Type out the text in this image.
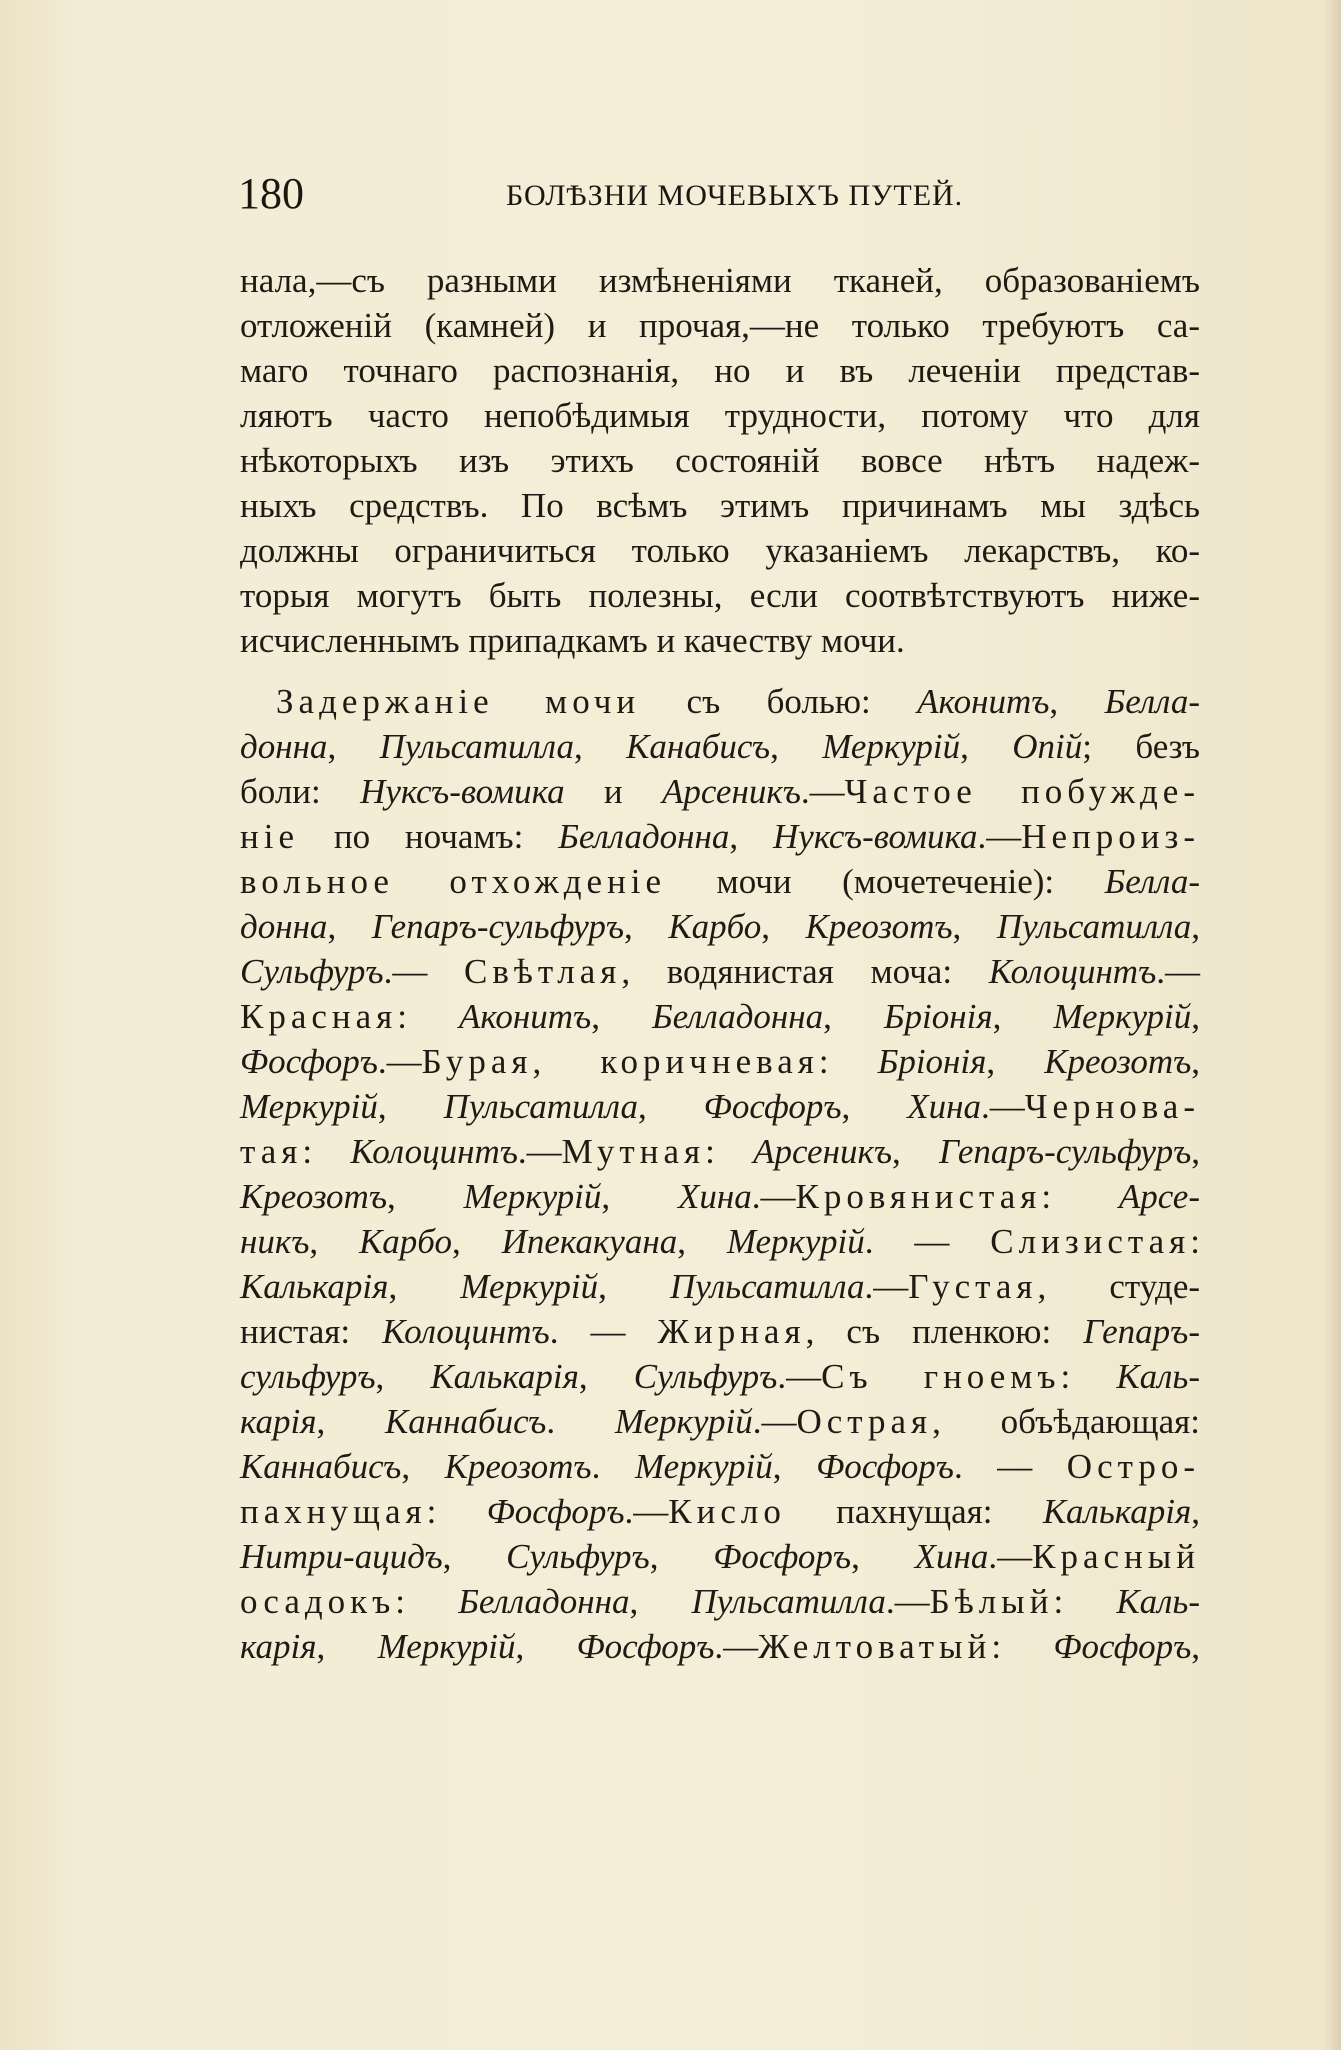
180	БОЛѢЗНИ МОЧЕВЫХЪ ПУТЕЙ.
нала,—съ разными измѣненіями тканей, образованіемъ
отложеній (камней) и прочая,—не только требуютъ са-
маго точнаго распознанія, но и въ леченіи представ-
ляютъ часто непобѣдимыя трудности, потому что для
нѣкоторыхъ изъ этихъ состояній вовсе нѣтъ надеж-
ныхъ средствъ. По всѣмъ этимъ причинамъ мы здѣсь
должны ограничиться только указаніемъ лекарствъ, ко-
торыя могутъ быть полезны, если соотвѣтствуютъ ниже-
исчисленнымъ припадкамъ и качеству мочи.
Задержаніе мочи съ болью: Аконитъ, Белла-
донна, Пульсатилла, Канабисъ, Меркурій, Опій; безъ
боли: Нуксъ-вомика и Арсеникъ.—Частое побужде-
ніе по ночамъ: Белладонна, Нуксъ-вомика.—Непроиз-
вольное отхожденіе мочи (мочетеченіе): Белла-
донна, Гепаръ-сульфуръ, Карбо, Креозотъ, Пульсатилла,
Сульфуръ.— Свѣтлая, водянистая моча: Колоцинтъ.—
Красная: Аконитъ, Белладонна, Бріонія, Меркурій,
Фосфоръ.—Бурая, коричневая: Бріонія, Креозотъ,
Меркурій, Пульсатилла, Фосфоръ, Хина.—Чернова-
тая: Колоцинтъ.—Мутная: Арсеникъ, Гепаръ-сульфуръ,
Креозотъ, Меркурій, Хина.—Кровянистая: Арсе-
никъ, Карбо, Ипекакуана, Меркурій. — Слизистая:
Калькарія, Меркурій, Пульсатилла.—Густая, студе-
нистая: Колоцинтъ. — Жирная, съ пленкою: Гепаръ-
сульфуръ, Калькарія, Сульфуръ.—Съ гноемъ: Каль-
карія, Каннабисъ. Меркурій.—Острая, объѣдающая:
Каннабисъ, Креозотъ. Меркурій, Фосфоръ. — Остро-
пахнущая: Фосфоръ.—Кисло пахнущая: Калькарія,
Нитри-ацидъ, Сульфуръ, Фосфоръ, Хина.—Красный
осадокъ: Белладонна, Пульсатилла.—Бѣлый: Каль-
карія, Меркурій, Фосфоръ.—Желтоватый: Фосфоръ,
